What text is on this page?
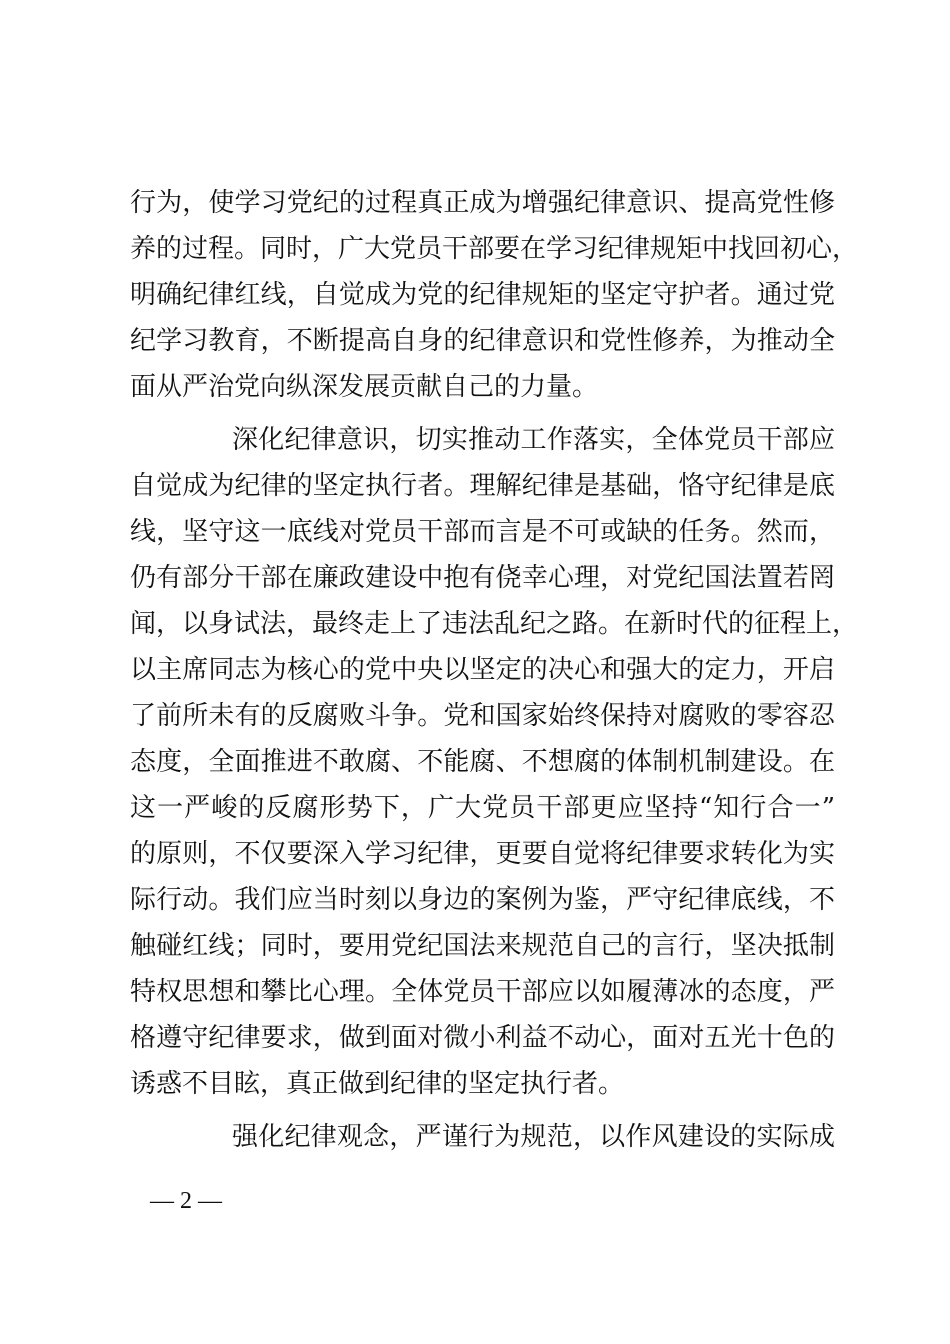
行为，使学习党纪的过程真正成为增强纪律意识、提高党性修
养的过程。同时，广大党员干部要在学习纪律规矩中找回初心，
明确纪律红线，自觉成为党的纪律规矩的坚定守护者。通过党
纪学习教育，不断提高自身的纪律意识和党性修养，为推动全
面从严治党向纵深发展贡献自己的力量。
深化纪律意识，切实推动工作落实，全体党员干部应
自觉成为纪律的坚定执行者。理解纪律是基础，恪守纪律是底
线，坚守这一底线对党员干部而言是不可或缺的任务。然而，
仍有部分干部在廉政建设中抱有侥幸心理，对党纪国法置若罔
闻，以身试法，最终走上了违法乱纪之路。在新时代的征程上，
以主席同志为核心的党中央以坚定的决心和强大的定力，开启
了前所未有的反腐败斗争。党和国家始终保持对腐败的零容忍
态度，全面推进不敢腐、不能腐、不想腐的体制机制建设。在
这一严峻的反腐形势下，广大党员干部更应坚持“知行合一”
的原则，不仅要深入学习纪律，更要自觉将纪律要求转化为实
际行动。我们应当时刻以身边的案例为鉴，严守纪律底线，不
触碰红线；同时，要用党纪国法来规范自己的言行，坚决抵制
特权思想和攀比心理。全体党员干部应以如履薄冰的态度，严
格遵守纪律要求，做到面对微小利益不动心，面对五光十色的
诱惑不目眩，真正做到纪律的坚定执行者。
强化纪律观念，严谨行为规范，以作风建设的实际成
— 2 —
